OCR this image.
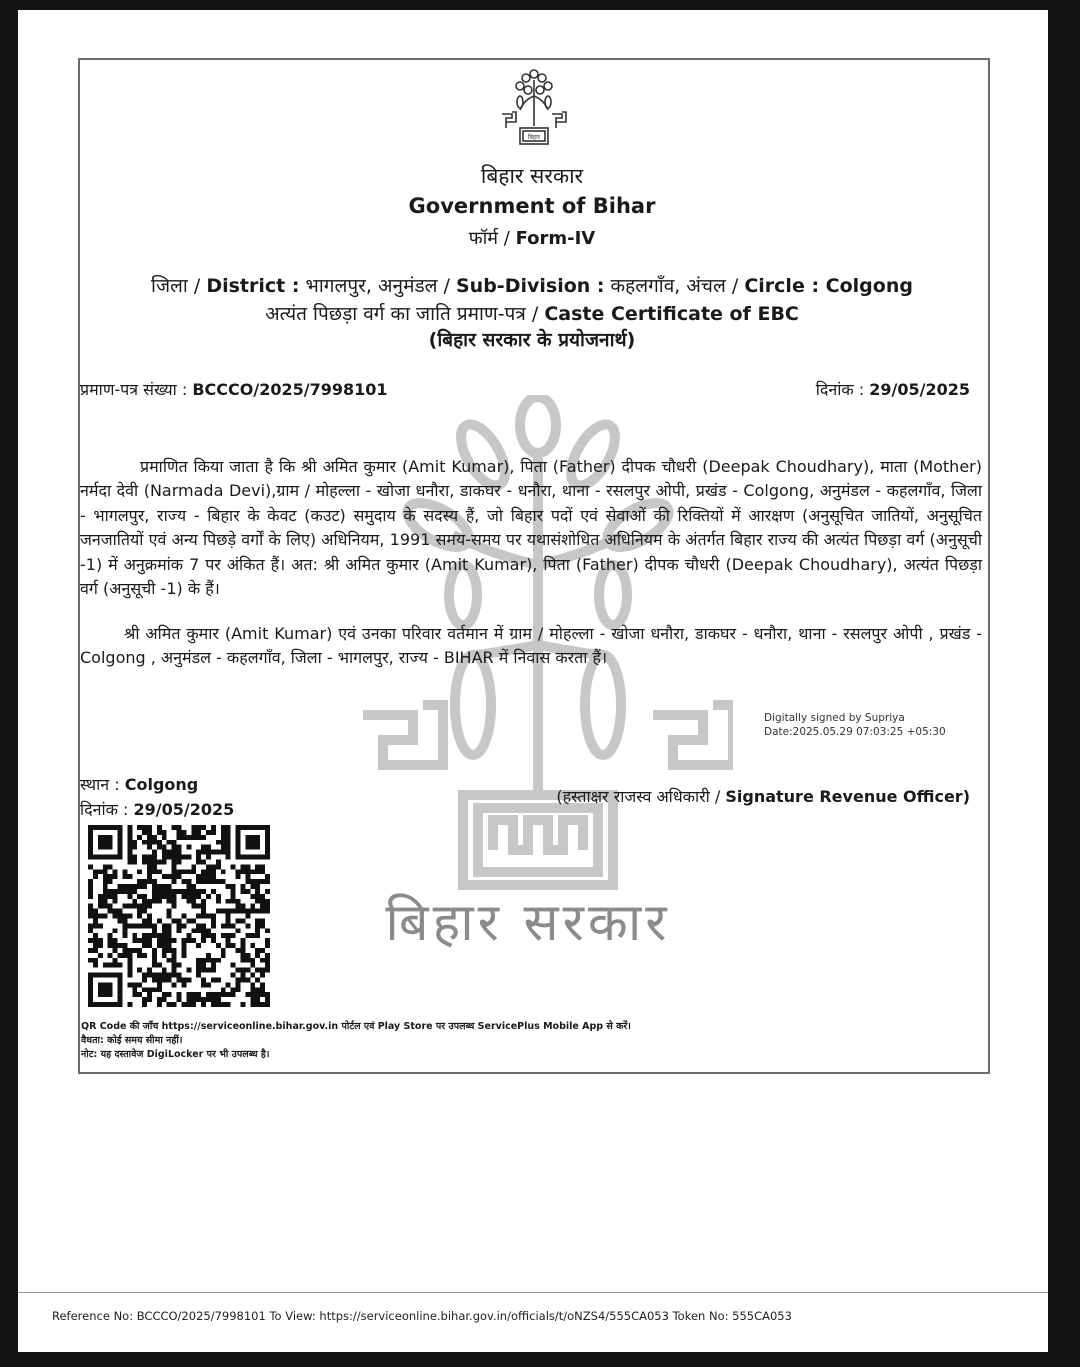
बिहार
बिहार सरकार
बिहार सरकार
Government of Bihar
फॉर्म / Form-IV
जिला / District : भागलपुर, अनुमंडल / Sub-Division : कहलगाँव, अंचल / Circle : Colgong
अत्यंत पिछड़ा वर्ग का जाति प्रमाण-पत्र / Caste Certificate of EBC
(बिहार सरकार के प्रयोजनार्थ)
प्रमाण-पत्र संख्या : BCCCO/2025/7998101	दिनांक : 29/05/2025
प्रमाणित किया जाता है कि श्री अमित कुमार (Amit Kumar), पिता (Father) दीपक चौधरी (Deepak Choudhary), माता (Mother) नर्मदा देवी (Narmada Devi),ग्राम / मोहल्ला - खोजा धनौरा, डाकघर - धनौरा, थाना - रसलपुर ओपी, प्रखंड - Colgong, अनुमंडल - कहलगाँव, जिला - भागलपुर, राज्य - बिहार के केवट (कउट) समुदाय के सदस्य हैं, जो बिहार पदों एवं सेवाओं की रिक्तियों में आरक्षण (अनुसूचित जातियों, अनुसूचित जनजातियों एवं अन्य पिछड़े वर्गों के लिए) अधिनियम, 1991 समय-समय पर यथासंशोधित अधिनियम के अंतर्गत बिहार राज्य की अत्यंत पिछड़ा वर्ग (अनुसूची -1) में अनुक्रमांक 7 पर अंकित हैं। अत: श्री अमित कुमार (Amit Kumar), पिता (Father) दीपक चौधरी (Deepak Choudhary), अत्यंत पिछड़ा वर्ग (अनुसूची -1) के हैं।
श्री अमित कुमार (Amit Kumar) एवं उनका परिवार वर्तमान में ग्राम / मोहल्ला - खोजा धनौरा, डाकघर - धनौरा, थाना - रसलपुर ओपी , प्रखंड - Colgong , अनुमंडल - कहलगाँव, जिला - भागलपुर, राज्य - BIHAR में निवास करता हैं।
Digitally signed by Supriya
Date:2025.05.29 07:03:25 +05:30
स्थान : Colgong
दिनांक : 29/05/2025
(हस्ताक्षर राजस्व अधिकारी / Signature Revenue Officer)
QR Code की जाँच https://serviceonline.bihar.gov.in पोर्टल एवं Play Store पर उपलब्ध ServicePlus Mobile App से करें।
वैधता: कोई समय सीमा नहीं।
नोट: यह दस्तावेज DigiLocker पर भी उपलब्ध है।
Reference No: BCCCO/2025/7998101 To View: https://serviceonline.bihar.gov.in/officials/t/oNZS4/555CA053 Token No: 555CA053
